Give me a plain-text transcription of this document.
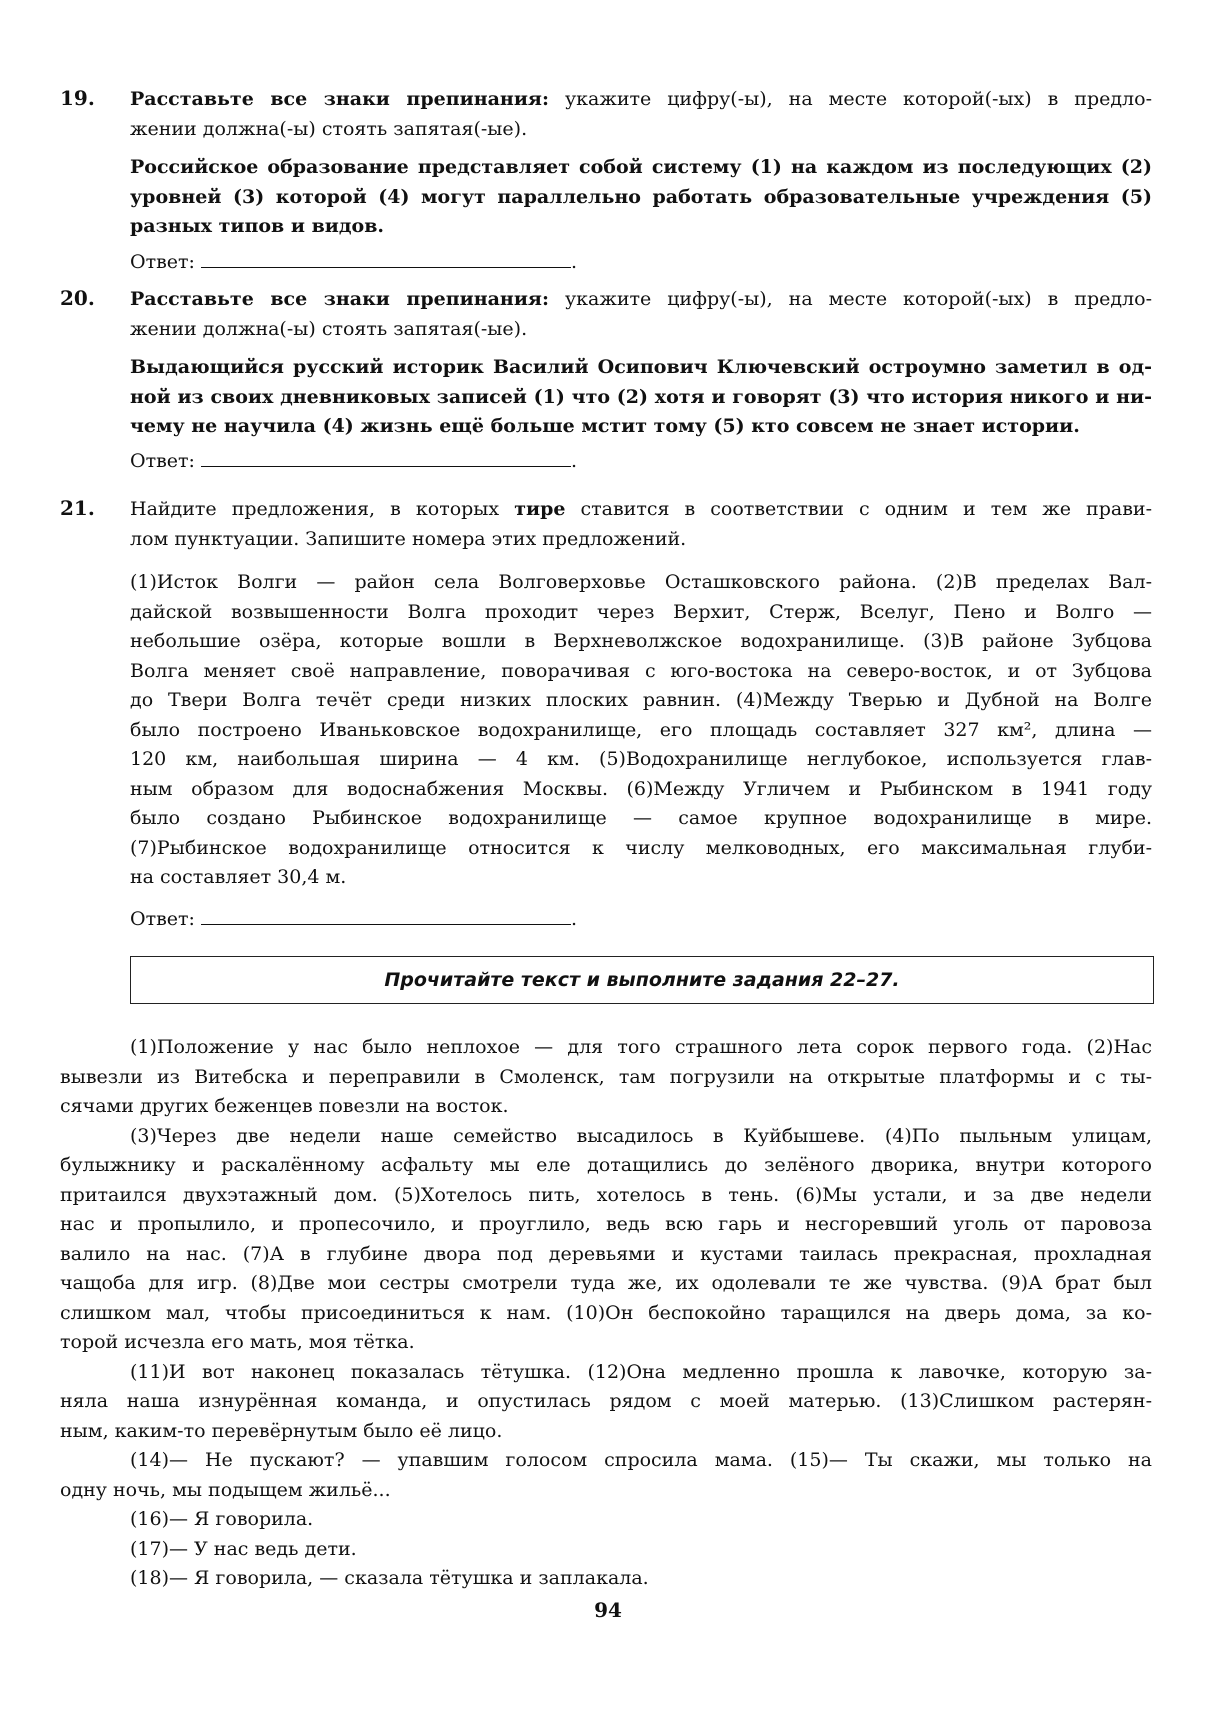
19. Расставьте все знаки препинания: укажите цифру(-ы), на месте которой(-ых) в предло-
жении должна(-ы) стоять запятая(-ые).
Российское образование представляет собой систему (1) на каждом из последующих (2)
уровней (3) которой (4) могут параллельно работать образовательные учреждения (5)
разных типов и видов.
Ответ:	.
20. Расставьте все знаки препинания: укажите цифру(-ы), на месте которой(-ых) в предло-
жении должна(-ы) стоять запятая(-ые).
Выдающийся русский историк Василий Осипович Ключевский остроумно заметил в од-
ной из своих дневниковых записей (1) что (2) хотя и говорят (3) что история никого и ни-
чему не научила (4) жизнь ещё больше мстит тому (5) кто совсем не знает истории.
Ответ:	.
21. Найдите предложения, в которых тире ставится в соответствии с одним и тем же прави-
лом пунктуации. Запишите номера этих предложений.
(1)Исток Волги — район села Волговерховье Осташковского района. (2)В пределах Вал-
дайской возвышенности Волга проходит через Верхит, Стерж, Вселуг, Пено и Волго —
небольшие озёра, которые вошли в Верхневолжское водохранилище. (3)В районе Зубцова
Волга меняет своё направление, поворачивая с юго-востока на северо-восток, и от Зубцова
до Твери Волга течёт среди низких плоских равнин. (4)Между Тверью и Дубной на Волге
было построено Иваньковское водохранилище, его площадь составляет 327 км², длина —
120 км, наибольшая ширина — 4 км. (5)Водохранилище неглубокое, используется глав-
ным образом для водоснабжения Москвы. (6)Между Угличем и Рыбинском в 1941 году
было создано Рыбинское водохранилище — самое крупное водохранилище в мире.
(7)Рыбинское водохранилище относится к числу мелководных, его максимальная глуби-
на составляет 30,4 м.
Ответ:	.
Прочитайте текст и выполните задания 22–27.
(1)Положение у нас было неплохое — для того страшного лета сорок первого года. (2)Нас
вывезли из Витебска и переправили в Смоленск, там погрузили на открытые платформы и с ты-
сячами других беженцев повезли на восток.
(3)Через две недели наше семейство высадилось в Куйбышеве. (4)По пыльным улицам,
булыжнику и раскалённому асфальту мы еле дотащились до зелёного дворика, внутри которого
притаился двухэтажный дом. (5)Хотелось пить, хотелось в тень. (6)Мы устали, и за две недели
нас и пропылило, и пропесочило, и проуглило, ведь всю гарь и несгоревший уголь от паровоза
валило на нас. (7)А в глубине двора под деревьями и кустами таилась прекрасная, прохладная
чащоба для игр. (8)Две мои сестры смотрели туда же, их одолевали те же чувства. (9)А брат был
слишком мал, чтобы присоединиться к нам. (10)Он беспокойно таращился на дверь дома, за ко-
торой исчезла его мать, моя тётка.
(11)И вот наконец показалась тётушка. (12)Она медленно прошла к лавочке, которую за-
няла наша изнурённая команда, и опустилась рядом с моей матерью. (13)Слишком растерян-
ным, каким-то перевёрнутым было её лицо.
(14)— Не пускают? — упавшим голосом спросила мама. (15)— Ты скажи, мы только на
одну ночь, мы подыщем жильё...
(16)— Я говорила.
(17)— У нас ведь дети.
(18)— Я говорила, — сказала тётушка и заплакала.
94
